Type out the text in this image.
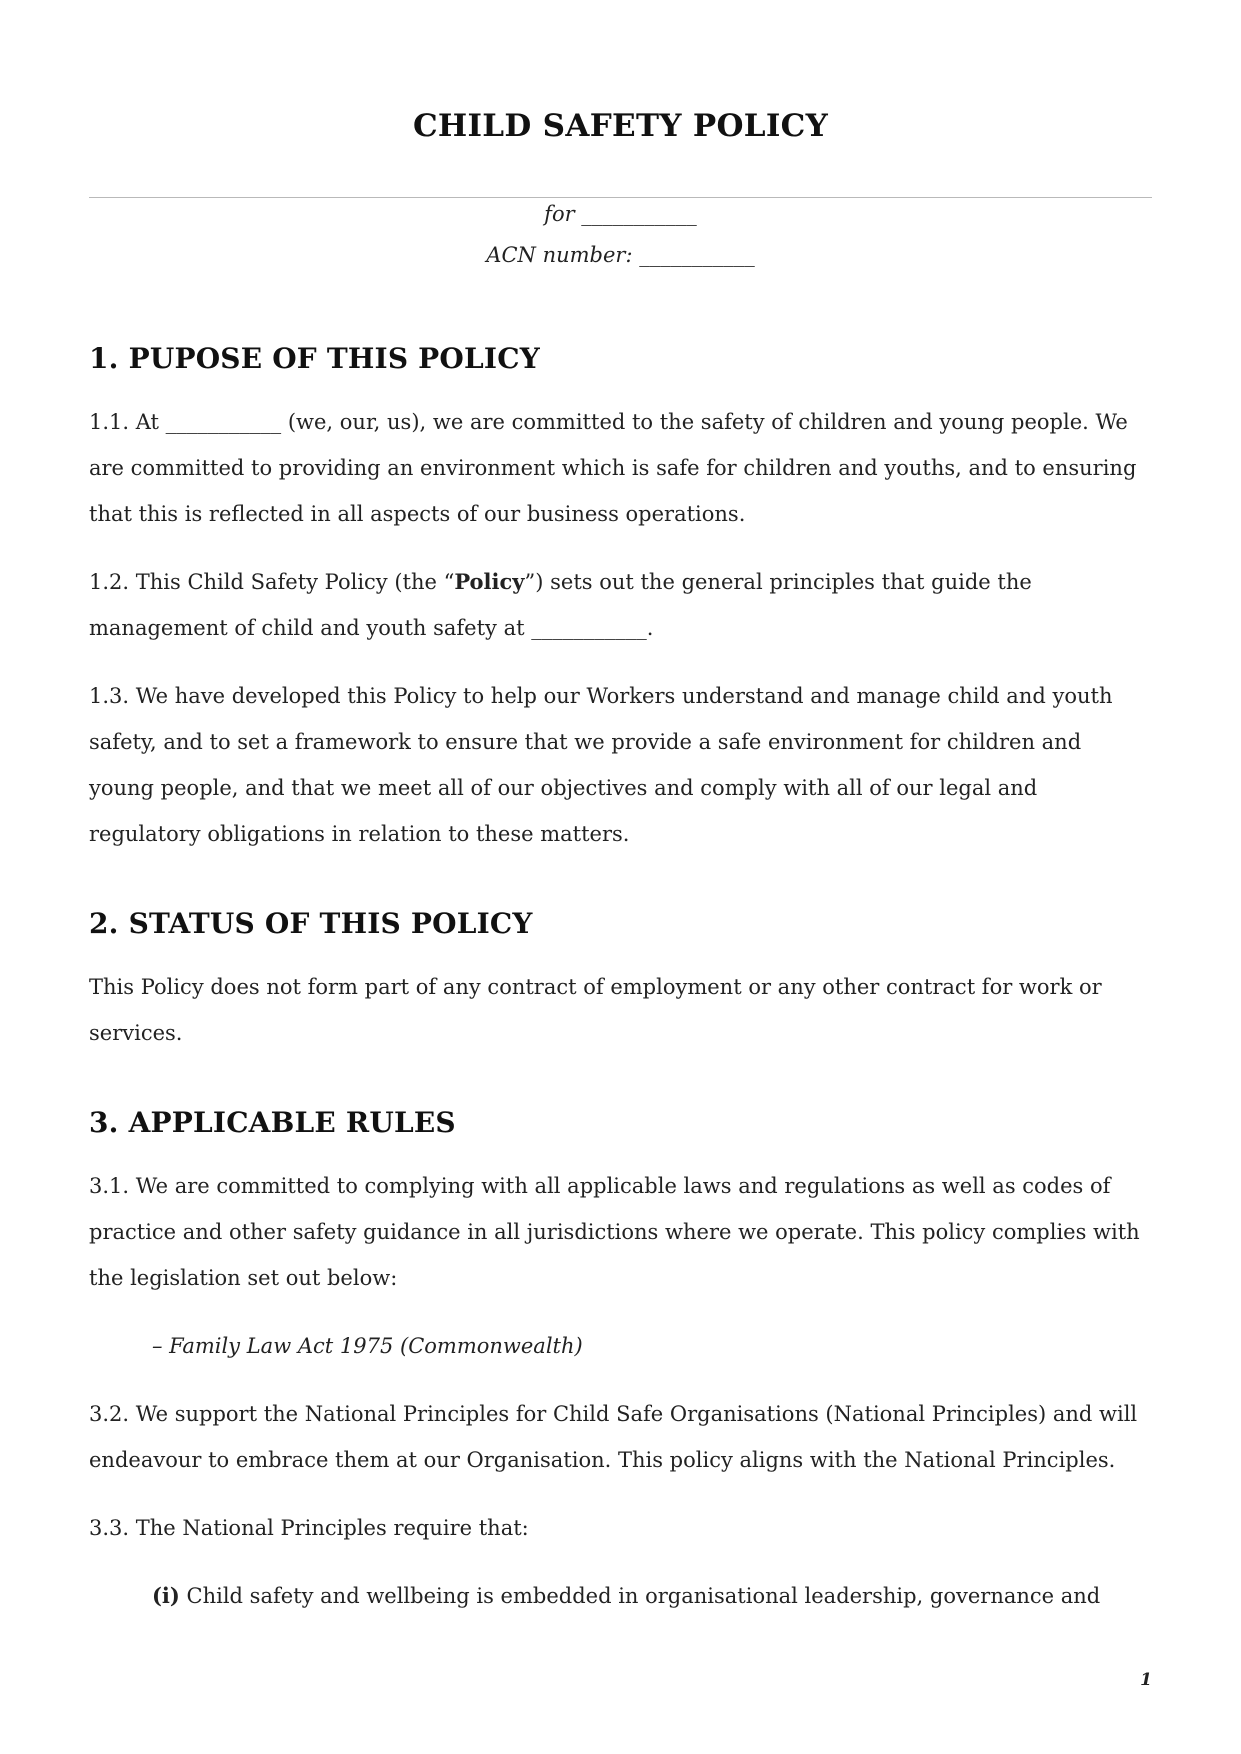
CHILD SAFETY POLICY
for ___________
ACN number: ___________
1. PUPOSE OF THIS POLICY

1.1. At ___________ (we, our, us), we are committed to the safety of children and young people. We are committed to providing an environment which is safe for children and youths, and to ensuring that this is reflected in all aspects of our business operations.

1.2. This Child Safety Policy (the “Policy”) sets out the general principles that guide the management of child and youth safety at ___________.

1.3. We have developed this Policy to help our Workers understand and manage child and youth safety, and to set a framework to ensure that we provide a safe environment for children and young people, and that we meet all of our objectives and comply with all of our legal and regulatory obligations in relation to these matters.

2. STATUS OF THIS POLICY

This Policy does not form part of any contract of employment or any other contract for work or services.

3. APPLICABLE RULES

3.1. We are committed to complying with all applicable laws and regulations as well as codes of practice and other safety guidance in all jurisdictions where we operate. This policy complies with the legislation set out below:

– Family Law Act 1975 (Commonwealth)

3.2. We support the National Principles for Child Safe Organisations (National Principles) and will endeavour to embrace them at our Organisation. This policy aligns with the National Principles.

3.3. The National Principles require that:

(i) Child safety and wellbeing is embedded in organisational leadership, governance and
1
